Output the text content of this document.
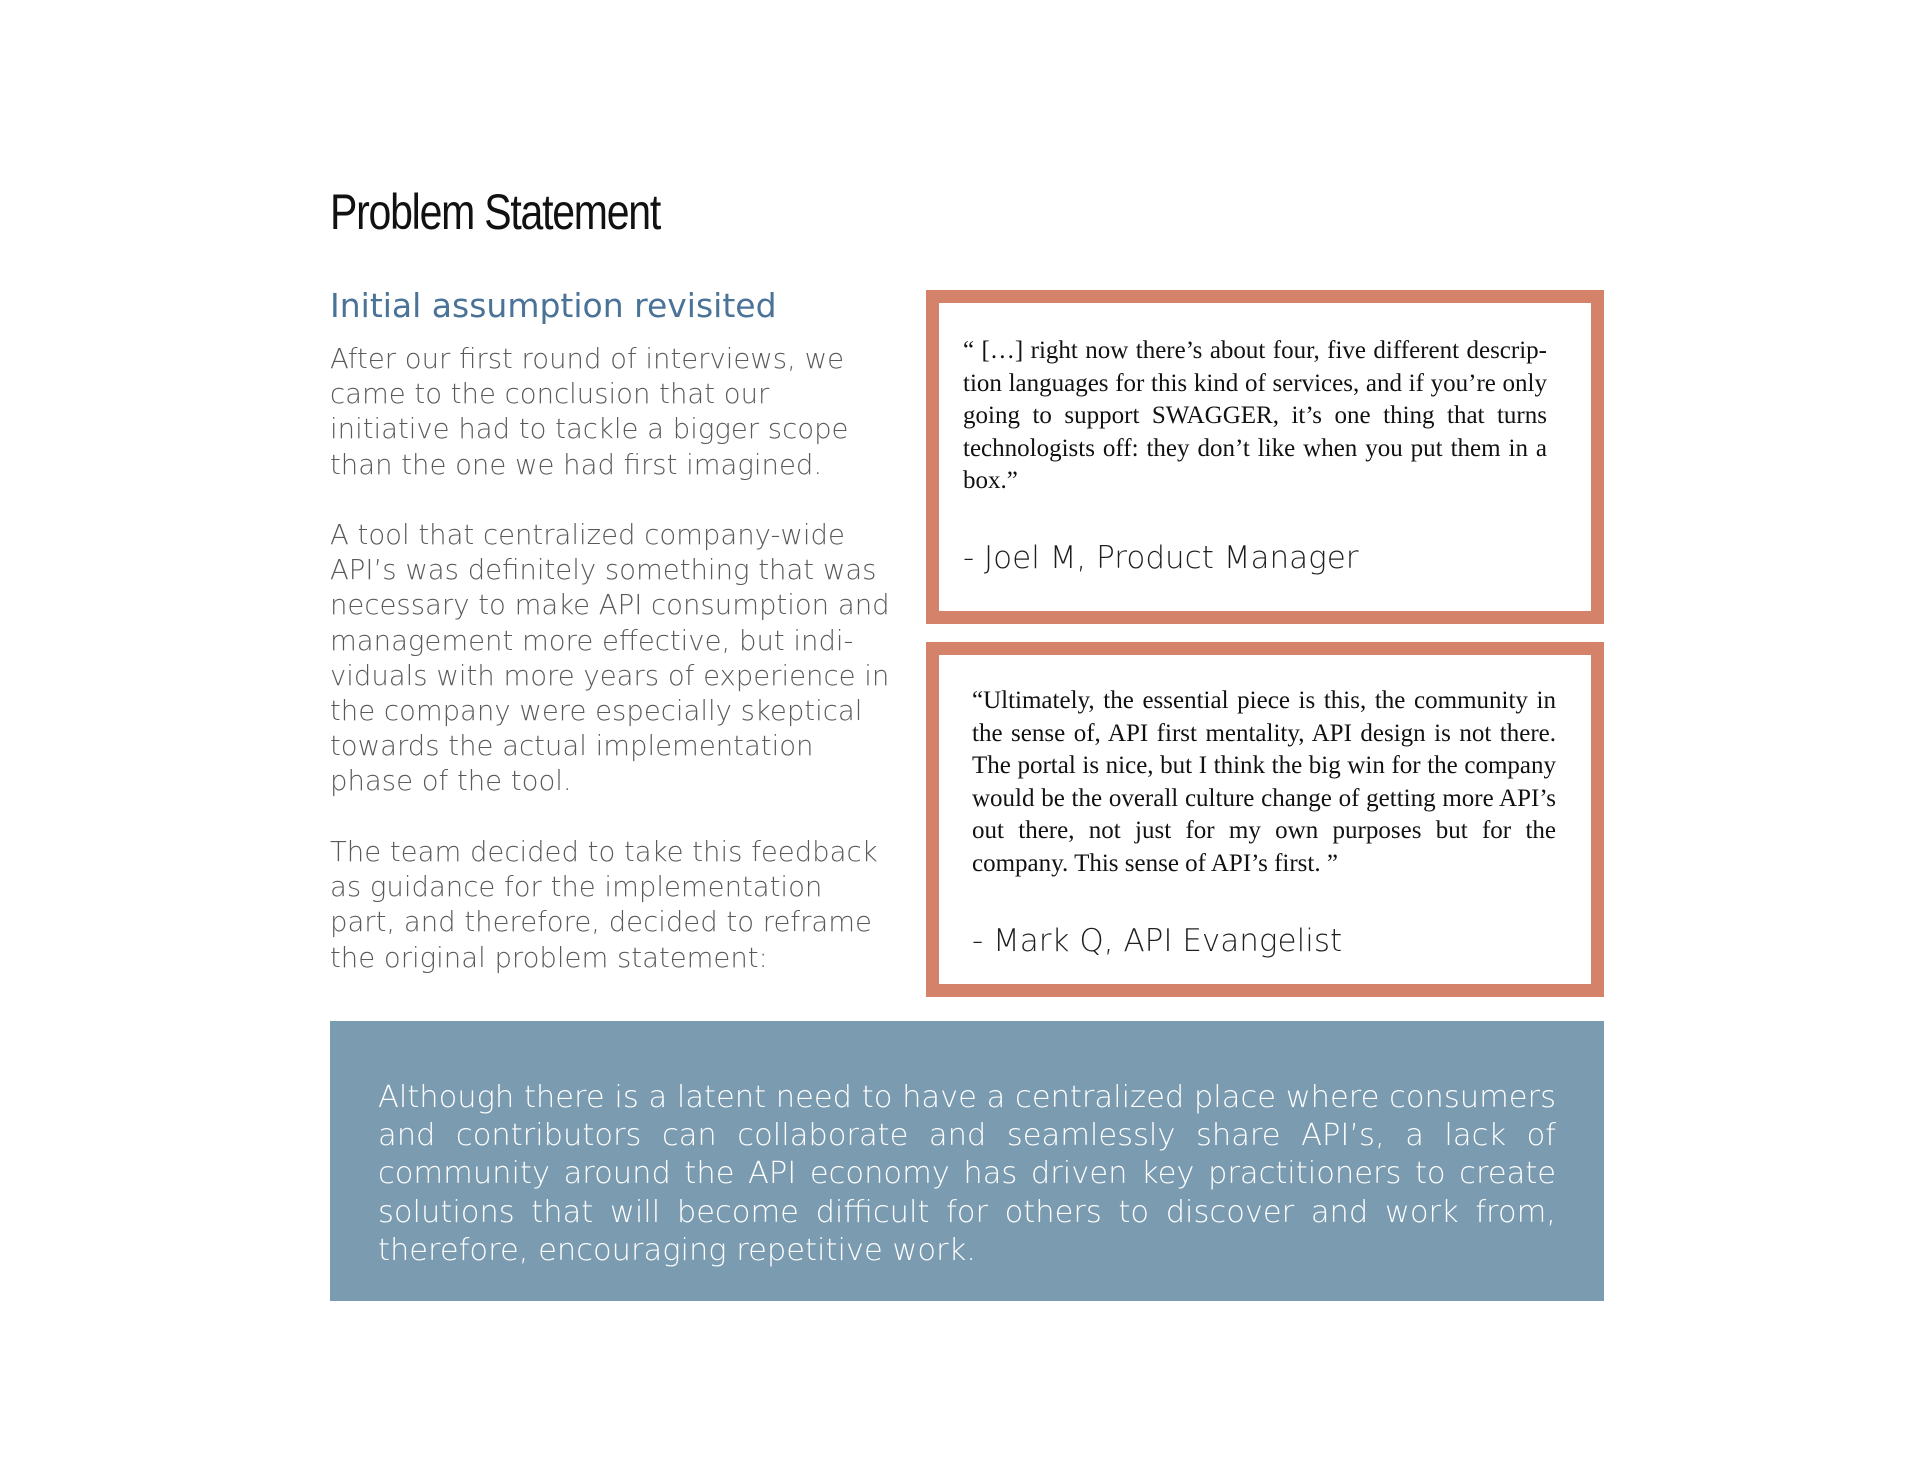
Problem Statement
Initial assumption revisited

After our first round of interviews, we came to the conclusion that our initiative had to tackle a bigger scope than the one we had first imagined.

A tool that centralized company-wide API’s was definitely something that was necessary to make API consumption and management more effective, but indi-viduals with more years of experience in the company were especially skeptical towards the actual implementation phase of the tool.

The team decided to take this feedback as guidance for the implementation part, and therefore, decided to reframe the original problem statement:

“ […] right now there’s about four, five different descrip-tion languages for this kind of services, and if you’re only going to support SWAGGER, it’s one thing that turns technologists off: they don’t like when you put them in a box.”

- Joel M, Product Manager

“Ultimately, the essential piece is this, the community in the sense of, API first mentality, API design is not there. The portal is nice, but I think the big win for the company would be the overall culture change of getting more API’s out there, not just for my own purposes but for the company. This sense of API’s first. ”

- Mark Q, API Evangelist

Although there is a latent need to have a centralized place where consumers and contributors can collaborate and seamlessly share API’s, a lack of community around the API economy has driven key practitioners to create solutions that will become difficult for others to discover and work from, therefore, encouraging repetitive work.
